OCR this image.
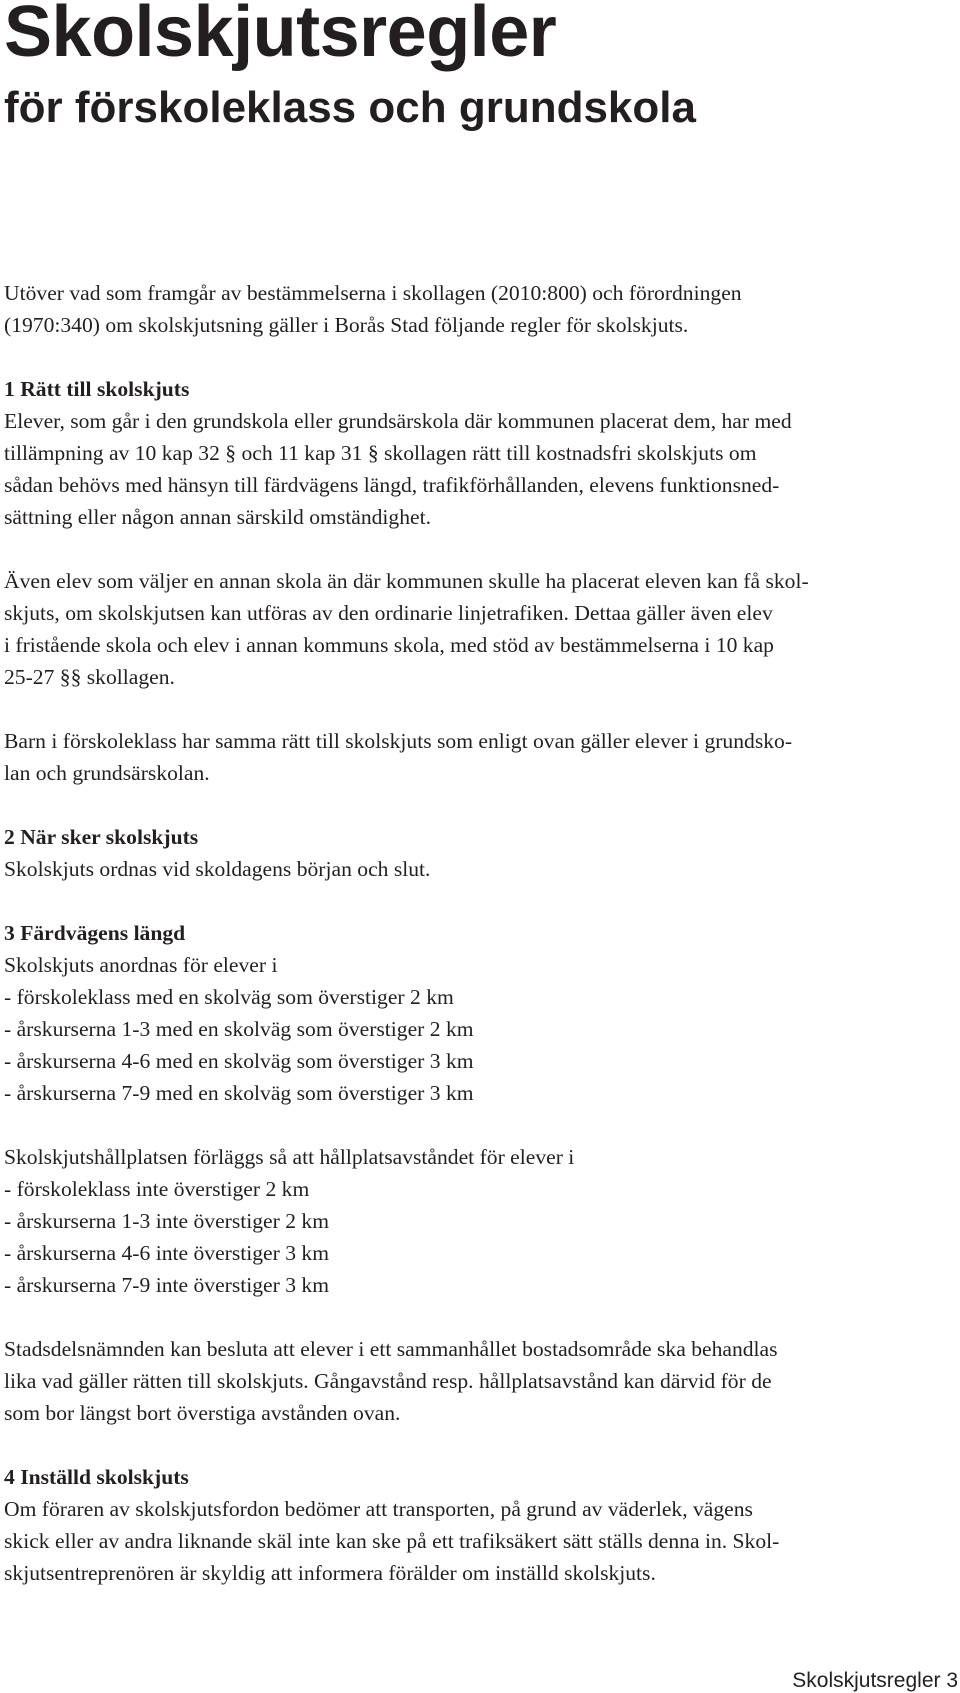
Skolskjutsregler
för förskoleklass och grundskola

Utöver vad som framgår av bestämmelserna i skollagen (2010:800) och förordningen
(1970:340) om skolskjutsning gäller i Borås Stad följande regler för skolskjuts.

1 Rätt till skolskjuts
Elever, som går i den grundskola eller grundsärskola där kommunen placerat dem, har med
tillämpning av 10 kap 32 § och 11 kap 31 § skollagen rätt till kostnadsfri skolskjuts om
sådan behövs med hänsyn till färdvägens längd, trafikförhållanden, elevens funktionsned-
sättning eller någon annan särskild omständighet.

Även elev som väljer en annan skola än där kommunen skulle ha placerat eleven kan få skol-
skjuts, om skolskjutsen kan utföras av den ordinarie linjetrafiken. Dettaa gäller även elev
i fristående skola och elev i annan kommuns skola, med stöd av bestämmelserna i 10 kap
25-27 §§ skollagen.

Barn i förskoleklass har samma rätt till skolskjuts som enligt ovan gäller elever i grundsko-
lan och grundsärskolan.

2 När sker skolskjuts
Skolskjuts ordnas vid skoldagens början och slut.

3 Färdvägens längd
Skolskjuts anordnas för elever i
- förskoleklass med en skolväg som överstiger 2 km
- årskurserna 1-3 med en skolväg som överstiger 2 km
- årskurserna 4-6 med en skolväg som överstiger 3 km
- årskurserna 7-9 med en skolväg som överstiger 3 km

Skolskjutshållplatsen förläggs så att hållplatsavståndet för elever i
- förskoleklass inte överstiger 2 km
- årskurserna 1-3 inte överstiger 2 km
- årskurserna 4-6 inte överstiger 3 km
- årskurserna 7-9 inte överstiger 3 km

Stadsdelsnämnden kan besluta att elever i ett sammanhållet bostadsområde ska behandlas
lika vad gäller rätten till skolskjuts. Gångavstånd resp. hållplatsavstånd kan därvid för de
som bor längst bort överstiga avstånden ovan.

4 Inställd skolskjuts
Om föraren av skolskjutsfordon bedömer att transporten, på grund av väderlek, vägens
skick eller av andra liknande skäl inte kan ske på ett trafiksäkert sätt ställs denna in. Skol-
skjutsentreprenören är skyldig att informera förälder om inställd skolskjuts.

Skolskjutsregler 3
